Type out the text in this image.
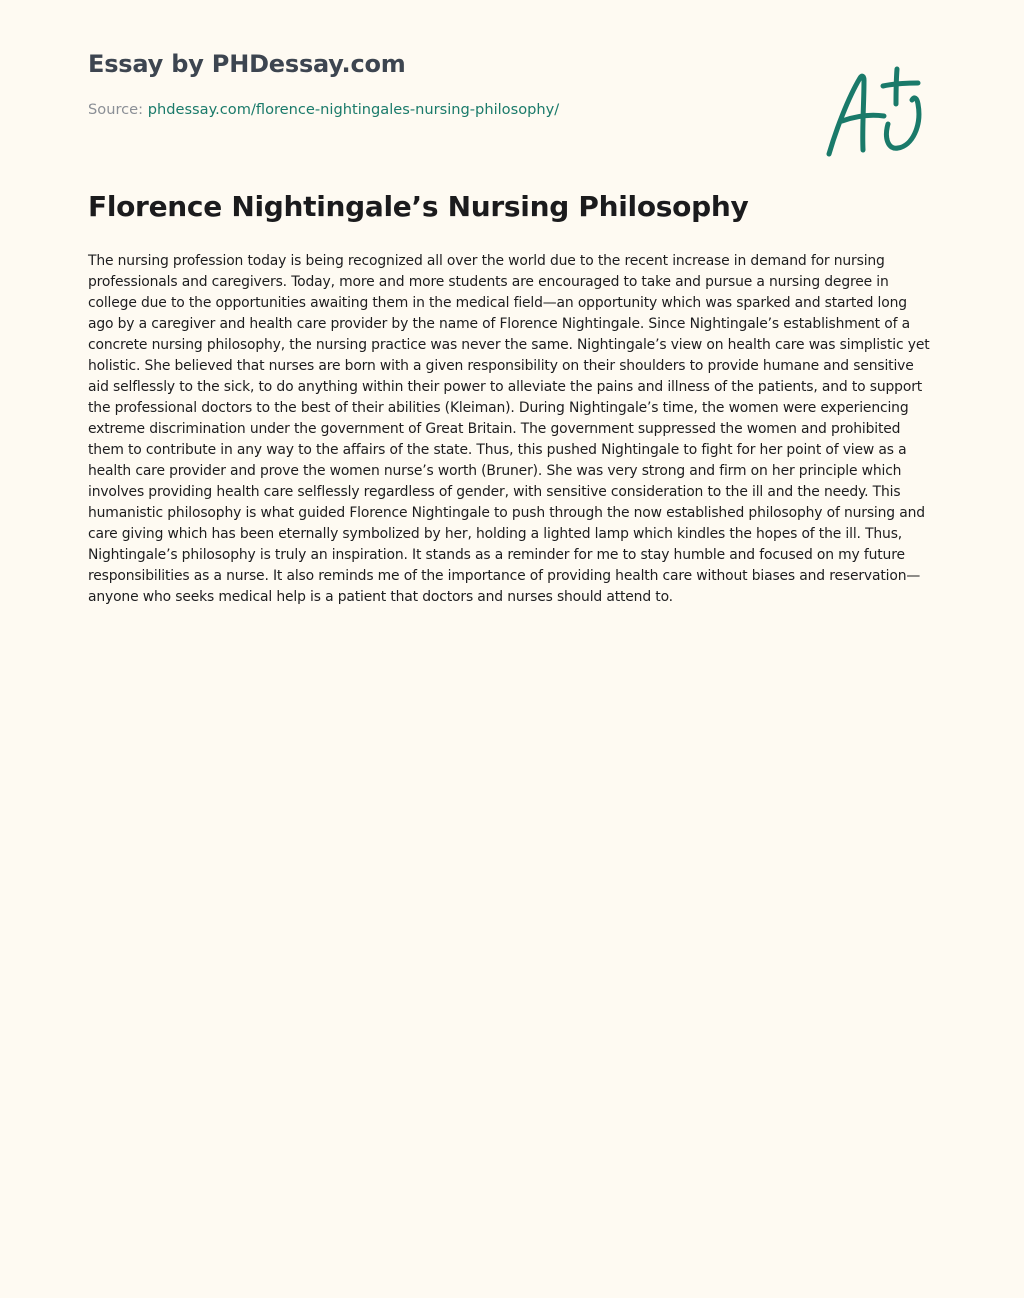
Essay by PHDessay.com
Source: phdessay.com/florence-nightingales-nursing-philosophy/
Florence Nightingale’s Nursing Philosophy

The nursing profession today is being recognized all over the world due to the recent increase in demand for nursing professionals and caregivers. Today, more and more students are encouraged to take and pursue a nursing degree in college due to the opportunities awaiting them in the medical field—an opportunity which was sparked and started long ago by a caregiver and health care provider by the name of Florence Nightingale. Since Nightingale’s establishment of a concrete nursing philosophy, the nursing practice was never the same. Nightingale’s view on health care was simplistic yet holistic. She believed that nurses are born with a given responsibility on their shoulders to provide humane and sensitive aid selflessly to the sick, to do anything within their power to alleviate the pains and illness of the patients, and to support the professional doctors to the best of their abilities (Kleiman). During Nightingale’s time, the women were experiencing extreme discrimination under the government of Great Britain. The government suppressed the women and prohibited them to contribute in any way to the affairs of the state. Thus, this pushed Nightingale to fight for her point of view as a health care provider and prove the women nurse’s worth (Bruner). She was very strong and firm on her principle which involves providing health care selflessly regardless of gender, with sensitive consideration to the ill and the needy. This humanistic philosophy is what guided Florence Nightingale to push through the now established philosophy of nursing and care giving which has been eternally symbolized by her, holding a lighted lamp which kindles the hopes of the ill. Thus, Nightingale’s philosophy is truly an inspiration. It stands as a reminder for me to stay humble and focused on my future responsibilities as a nurse. It also reminds me of the importance of providing health care without biases and reservation—anyone who seeks medical help is a patient that doctors and nurses should attend to.
